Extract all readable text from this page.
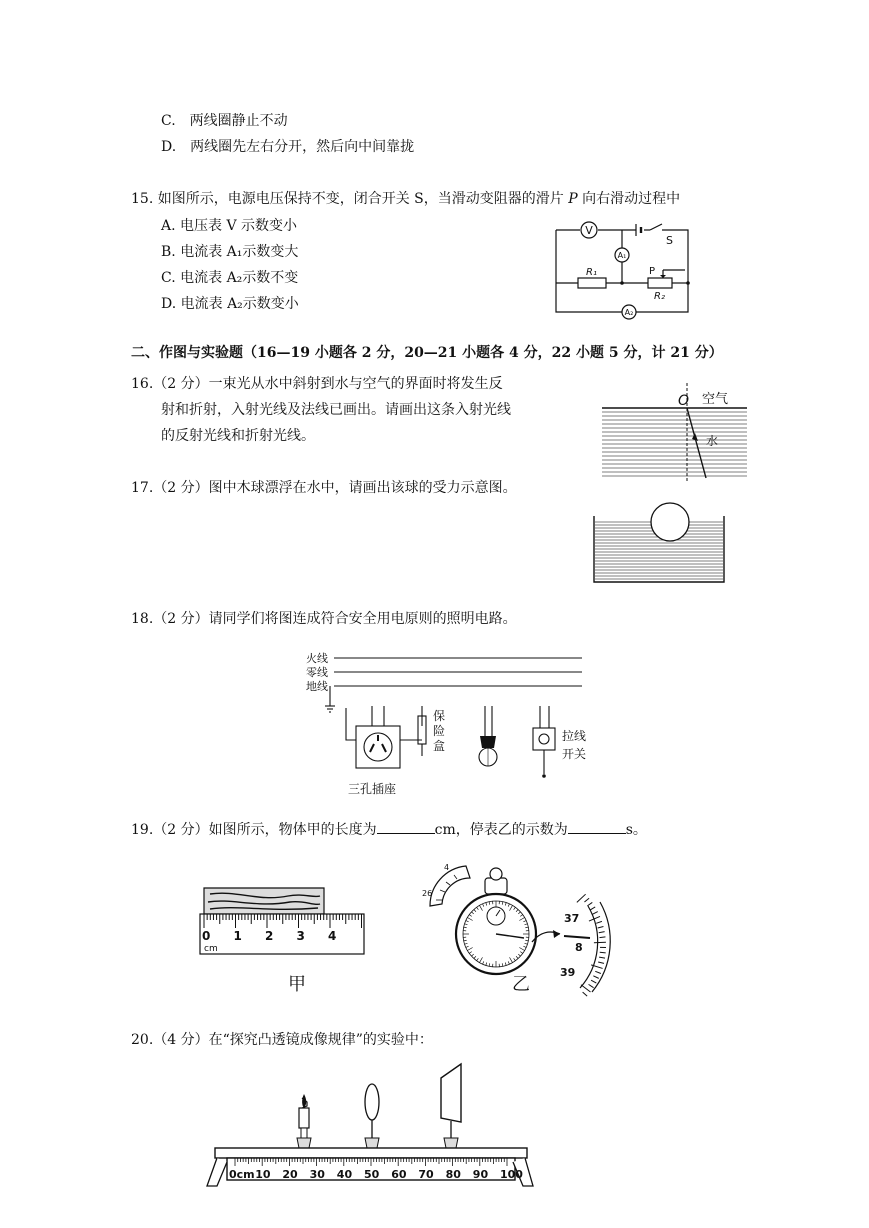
C.　两线圈静止不动
D.　两线圈先左右分开，然后向中间靠拢
15. 如图所示，电源电压保持不变，闭合开关 S，当滑动变阻器的滑片 P 向右滑动过程中
A. 电压表 V 示数变小
B. 电流表 A₁示数变大
C. 电流表 A₂示数不变
D. 电流表 A₂示数变小
V
A₁
A₂
S
R₁
R₂
P
二、作图与实验题（16—19 小题各 2 分，20—21 小题各 4 分，22 小题 5 分，计 21 分）
16.（2 分）一束光从水中斜射到水与空气的界面时将发生反
射和折射，入射光线及法线已画出。请画出这条入射光线
的反射光线和折射光线。
O 空气
水
17.（2 分）图中木球漂浮在水中，请画出该球的受力示意图。
18.（2 分）请同学们将图连成符合安全用电原则的照明电路。
火线
零线
地线
保
险
盒
拉线
开关
三孔插座
19.（2 分）如图所示，物体甲的长度为	cm，停表乙的示数为	s。
0 1 2 3 4
cm
甲
26
4
37
8
39
乙
20.（4 分）在“探究凸透镜成像规律”的实验中：
10 20 30 40 50 60 70 80 90 100
0cm
